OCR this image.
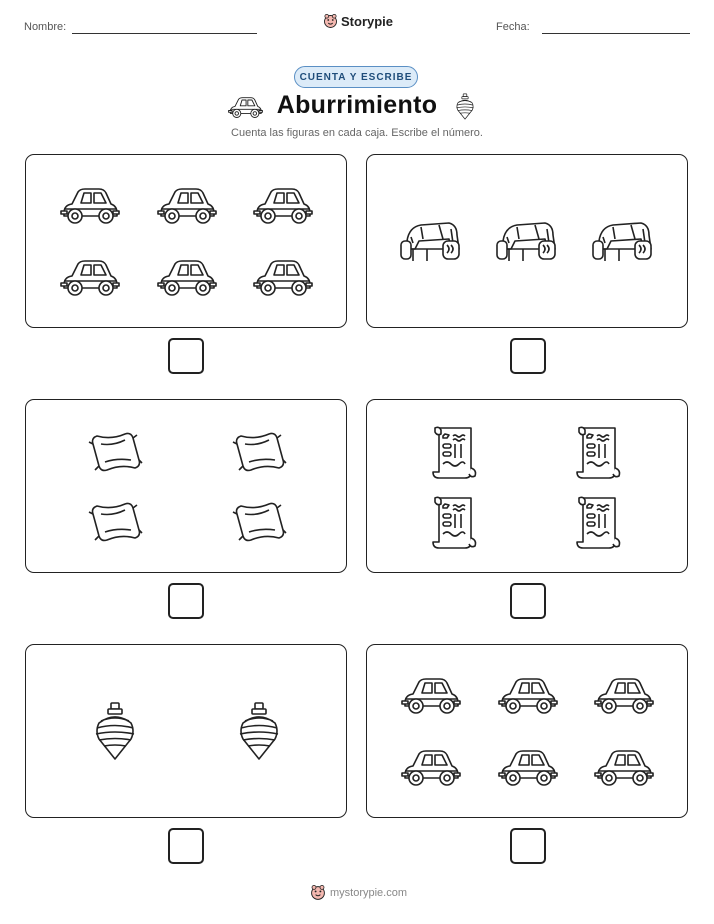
Nombre:	Storypie	Fecha:
CUENTA Y ESCRIBE
Aburrimiento
Cuenta las figuras en cada caja. Escribe el número.
mystorypie.com
